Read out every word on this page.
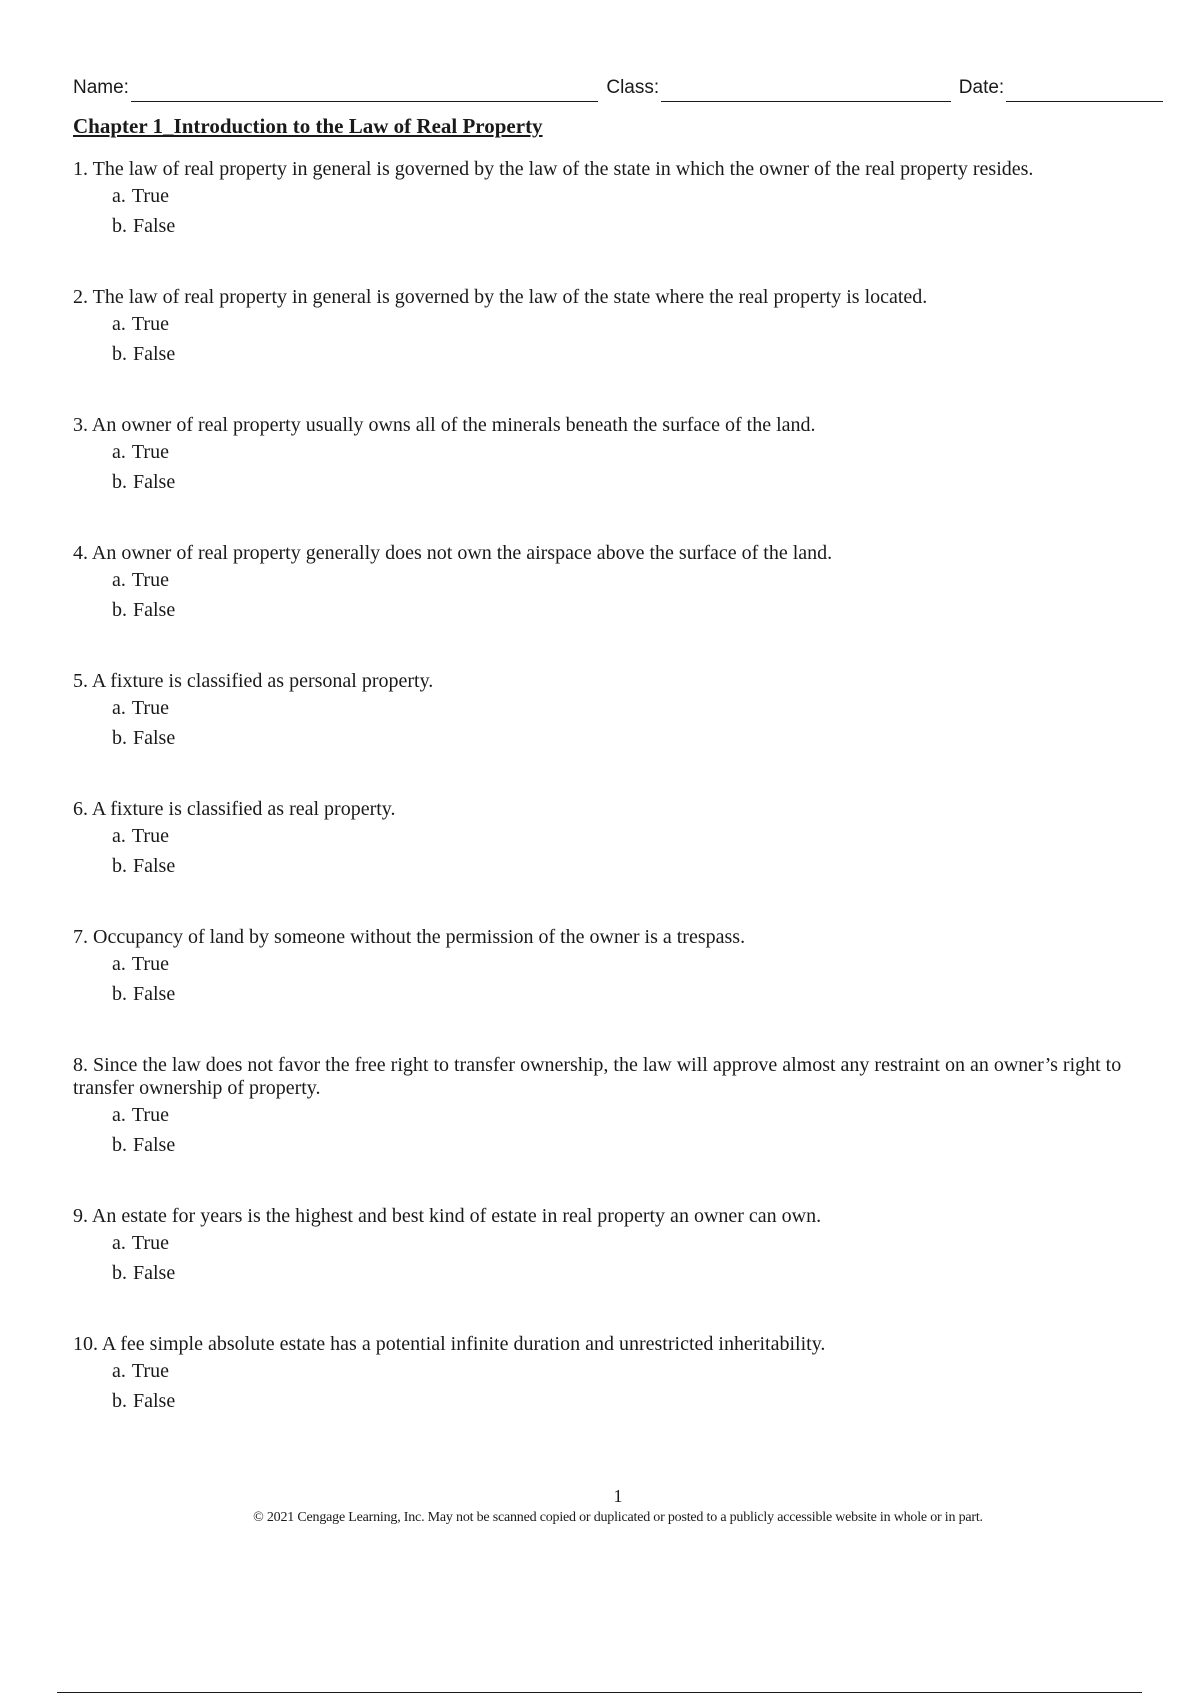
Name:	Class:	Date:
Chapter 1_Introduction to the Law of Real Property

1. The law of real property in general is governed by the law of the state in which the owner of the real property resides.

a. True
b. False

2. The law of real property in general is governed by the law of the state where the real property is located.

a. True
b. False

3. An owner of real property usually owns all of the minerals beneath the surface of the land.

a. True
b. False

4. An owner of real property generally does not own the airspace above the surface of the land.

a. True
b. False

5. A fixture is classified as personal property.

a. True
b. False

6. A fixture is classified as real property.

a. True
b. False

7. Occupancy of land by someone without the permission of the owner is a trespass.

a. True
b. False

8. Since the law does not favor the free right to transfer ownership, the law will approve almost any restraint on an owner’s right to transfer ownership of property.

a. True
b. False

9. An estate for years is the highest and best kind of estate in real property an owner can own.

a. True
b. False

10. A fee simple absolute estate has a potential infinite duration and unrestricted inheritability.

a. True
b. False
1
© 2021 Cengage Learning, Inc. May not be scanned copied or duplicated or posted to a publicly accessible website in whole or in part.
